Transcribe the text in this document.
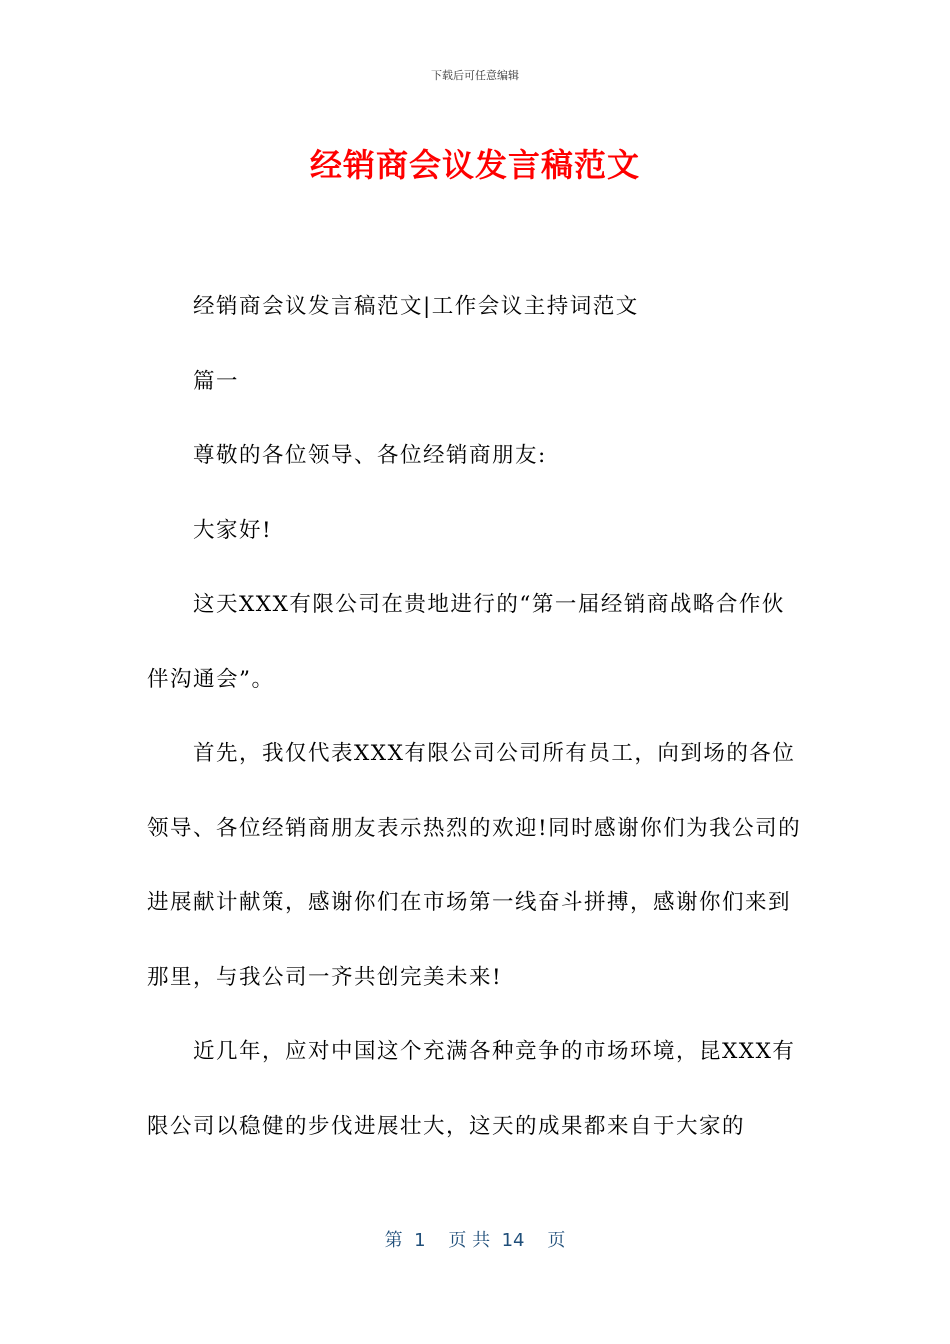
下载后可任意编辑
经销商会议发言稿范文

经销商会议发言稿范文|工作会议主持词范文

篇一

尊敬的各位领导、各位经销商朋友:

大家好!

这天XXX有限公司在贵地进行的“第一届经销商战略合作伙伴沟通会”。

首先，我仅代表XXX有限公司公司所有员工，向到场的各位领导、各位经销商朋友表示热烈的欢迎!同时感谢你们为我公司的进展献计献策，感谢你们在市场第一线奋斗拼搏，感谢你们来到那里，与我公司一齐共创完美未来!

近几年，应对中国这个充满各种竞争的市场环境，昆XXX有限公司以稳健的步伐进展壮大，这天的成果都来自于大家的

第  1    页 共  14    页
